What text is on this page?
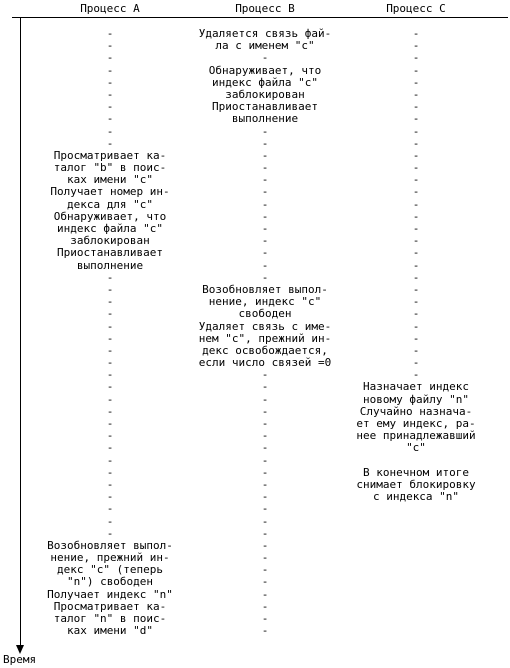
Процесс A	Процесс B	Процесс C
Время
-
-
-
-
-
-
-
-
-
-
Просматривает ка-
талог "b" в поис-
ках имени "c"
Получает номер ин-
декса для "c"
Обнаруживает, что
индекс файла "c"
заблокирован
Приостанавливает
выполнение
-
-
-
-
-
-
-
-
-
-
-
-
-
-
-
-
-
-
-
-
-
-
Возобновляет выпол-
нение, прежний ин-
декс "c" (теперь
"n") свободен
Получает индекс "n"
Просматривает ка-
талог "n" в поис-
ках имени "d"
Удаляется связь фай-
ла с именем "c"
-
Обнаруживает, что
индекс файла "c"
заблокирован
Приостанавливает
выполнение
-
-
-
-
-
-
-
-
-
-
-
-
-
Возобновляет выпол-
нение, индекс "c"
свободен
Удаляет связь с име-
нем "c", прежний ин-
декс освобождается,
если число связей =0
-
-
-
-
-
-
-
-
-
-
-
-
-
-
-
-
-
-
-
-
-
-
-
-
-
-
-
-
-
-
-
-
-
-
-
-
-
-
-
-
-
-
-
-
-
-
-
-
-
-
-
Назначает индекс
новому файлу "n"
Случайно назнача-
ет ему индекс, ра-
нее принадлежавший
"c"
В конечном итоге
снимает блокировку
с индекса "n"
